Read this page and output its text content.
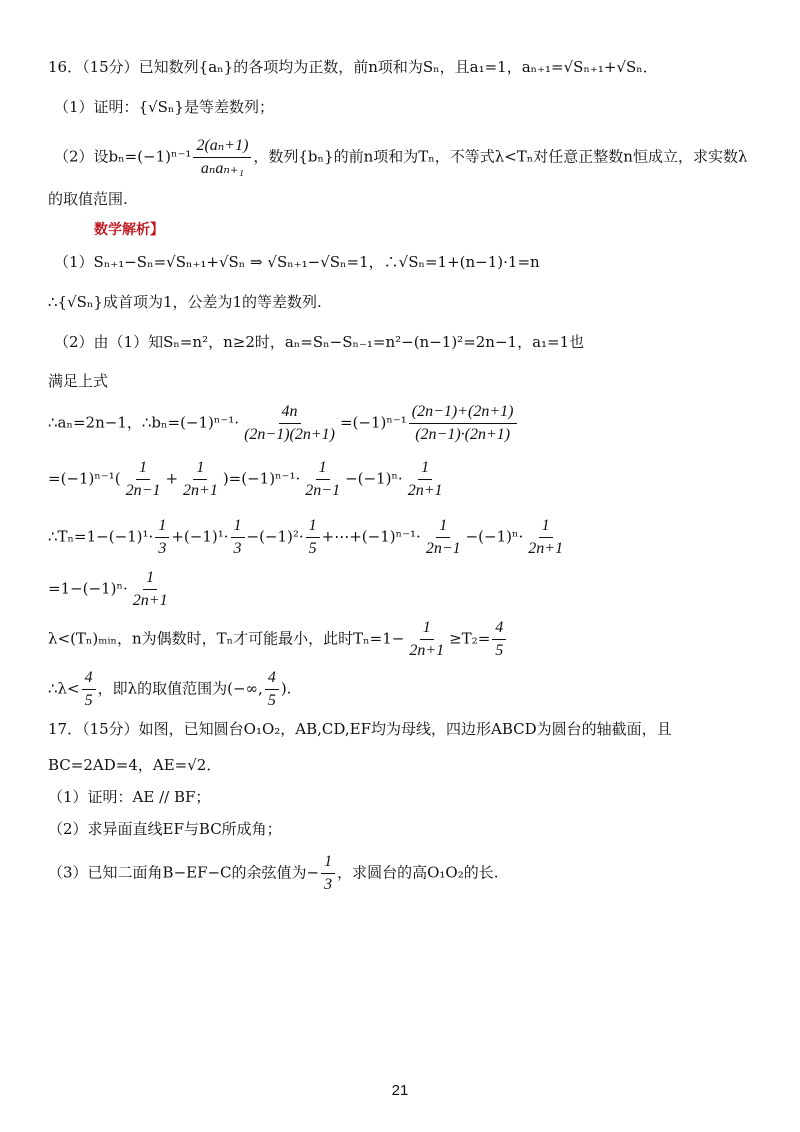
16．（15分）已知数列{aₙ}的各项均为正数，前n项和为Sₙ，且a₁=1，aₙ₊₁=√Sₙ₊₁+√Sₙ．
（1）证明：{√Sₙ}是等差数列；
（2）设$b_n=(-1)^{n-1} \frac{\text{2(aₙ+1)}}{\text{aₙaₙ₊₁}}$ ，数列{bₙ}的前n项和为Tₙ，不等式λ<Tₙ对任意正整数n恒成立，求实数λ
的取值范围.
数学解析】
（1）Sₙ₊₁−Sₙ=√Sₙ₊₁+√Sₙ ⇒ √Sₙ₊₁−√Sₙ=1，∴√Sₙ=1+(n−1)·1=n
∴{√Sₙ}成首项为1，公差为1的等差数列.
（2）由（1）知Sₙ=n²，n≥2时，aₙ=Sₙ−Sₙ₋₁=n²−(n−1)²=2n−1，a₁=1也
满足上式
∴aₙ=2n−1，∴bₙ=(−1)ⁿ⁻¹· $\frac{4n}{(2n-1)(2n+1)} =(-1)^{n-1} \frac{(2n-1)+(2n+1)}{(2n-1)\cdot(2n+1)}$
$=(-1)^{n-1}( \frac{1}{2n-1} + \frac{1}{2n+1} )=(-1)^{n-1}\cdot \frac{1}{2n-1} -(-1)^n\cdot \frac{1}{2n+1}$
∴Tₙ=1−(−1)¹· $\frac{1}{3} +(-1)^1\cdot \frac{1}{3} -(-1)^2\cdot \frac{1}{5}$ +⋯+(−1)ⁿ⁻¹· $\frac{1}{2n-1} -(-1)^n\cdot \frac{1}{2n+1}$
$=1-(-1)^n\cdot \frac{1}{2n+1}$
λ<(Tₙ)ₘᵢₙ，n为偶数时，Tₙ才可能最小，此时$T_n=1- \frac{1}{2n+1} \ge T_2= \frac{4}{5}$
∴λ< $\frac{4}{5}$ ，即λ的取值范围为(−∞, $\frac{4}{5}$ ).
17．（15分）如图，已知圆台O₁O₂，AB,CD,EF均为母线，四边形ABCD为圆台的轴截面，且
BC=2AD=4，AE=√2．
（1）证明：AE // BF；
（2）求异面直线EF与BC所成角；
（3）已知二面角B−EF−C的余弦值为− $\frac{1}{3}$ ，求圆台的高O₁O₂的长.
21
